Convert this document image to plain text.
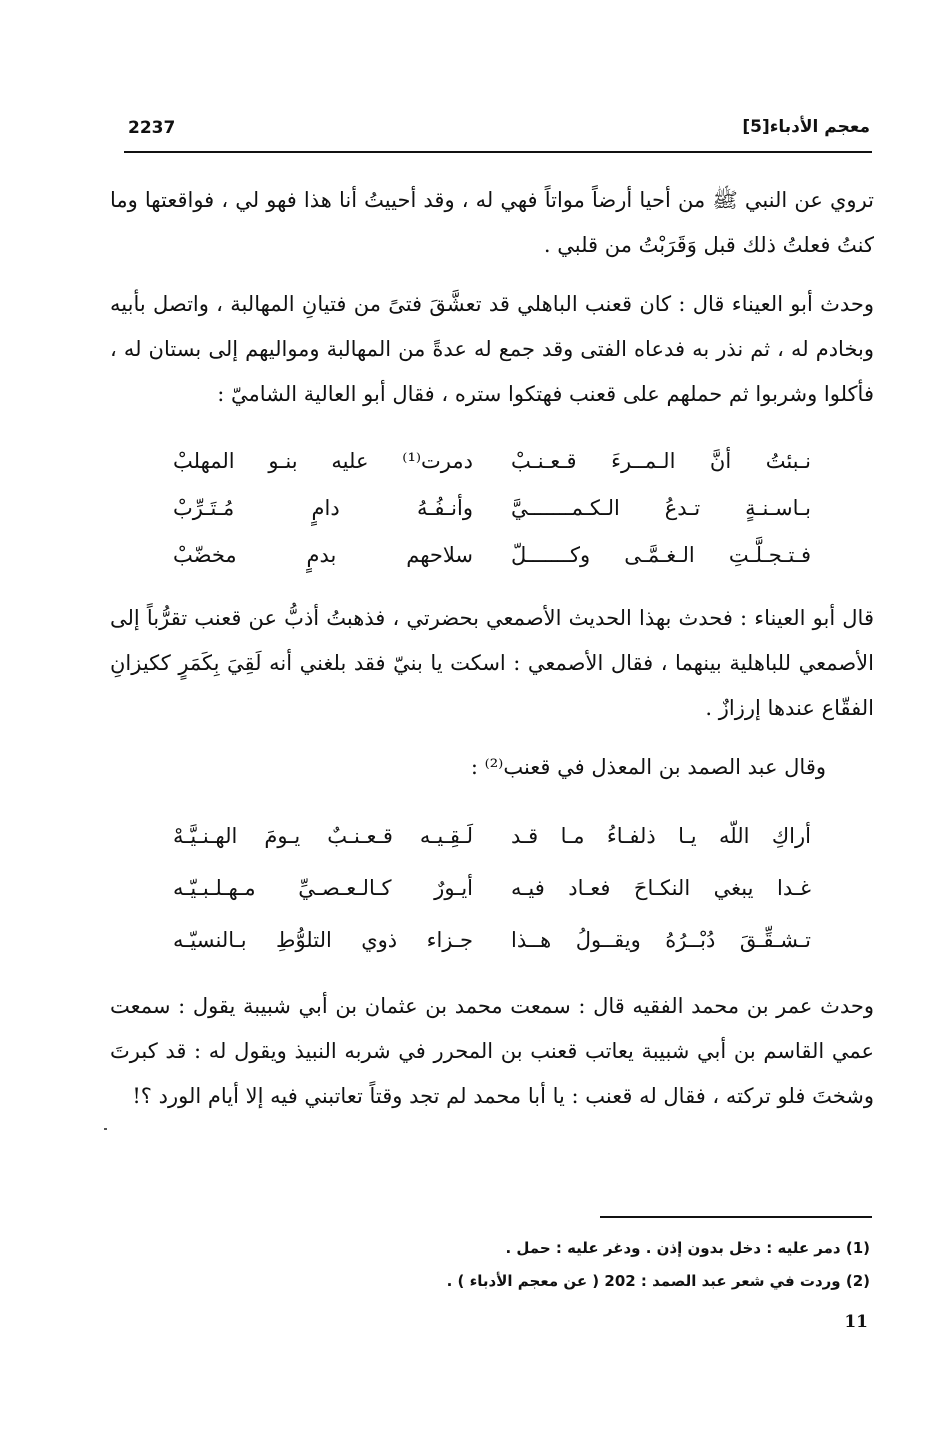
2237	معجم الأدباء[5]

تروي عن النبي ﷺ من أحيا أرضاً مواتاً فهي له ، وقد أحييتُ أنا هذا فهو لي ، فواقعتها وما كنتُ فعلتُ ذلك قبل وَقَرَبْتُ من قلبي .

وحدث أبو العيناء قال : كان قعنب الباهلي قد تعشَّقَ فتىً من فتيانِ المهالبة ، واتصل بأبيه وبخادم له ، ثم نذر به فدعاه الفتى وقد جمع له عدةً من المهالبة ومواليهم إلى بستان له ، فأكلوا وشربوا ثم حملهم على قعنب فهتكوا ستره ، فقال أبو العالية الشاميّ :

نـبئتُ أنَّ الـمــرءَ قـعـنـبْ
دمرت⁽¹⁾ عليه بنـو المهلبْ
بـاسـنـةٍ تـدعُ الـكـمـــــــيَّ
وأنـفُـهُ دامٍ مُـتَـرِّبْ
فـتـجـلَّـتِ الـغـمَّـى وكـــــــلّ
سلاحهم بدمٍ مخضّبْ

قال أبو العيناء : فحدث بهذا الحديث الأصمعي بحضرتي ، فذهبتُ أذبُّ عن قعنب تقرُّباً إلى الأصمعي للباهلية بينهما ، فقال الأصمعي : اسكت يا بنيّ فقد بلغني أنه لَقِيَ بِكَمَرٍ ككيزانِ الفقّاع عندها إرزازٌ .

وقال عبد الصمد بن المعذل في قعنب⁽²⁾ :

أراكِ اللّه يـا ذلفـاءُ مـا قـد
لَـقِـيـه قـعـنـبٌ يـومَ الهـنـيَّـهْ
غـدا يبغي النكـاحَ فعـاد فيـه
أيـورٌ كـالـعـصـيِّ مـهـلـبـيّـه
تـشـقِّـقَ دُبْــرُهُ ويقــولُ هــذا
جـزاء ذوي التلوُّطِ بـالنسيّـه

وحدث عمر بن محمد الفقيه قال : سمعت محمد بن عثمان بن أبي شبيبة يقول : سمعت عمي القاسم بن أبي شبيبة يعاتب قعنب بن المحرر في شربه النبيذ ويقول له : قد كبرتَ وشختَ فلو تركته ، فقال له قعنب : يا أبا محمد لم تجد وقتاً تعاتبني فيه إلا أيام الورد ؟!

(1) دمر عليه : دخل بدون إذن . ودغر عليه : حمل .
(2) وردت في شعر عبد الصمد : 202 ( عن معجم الأدباء ) .
11
